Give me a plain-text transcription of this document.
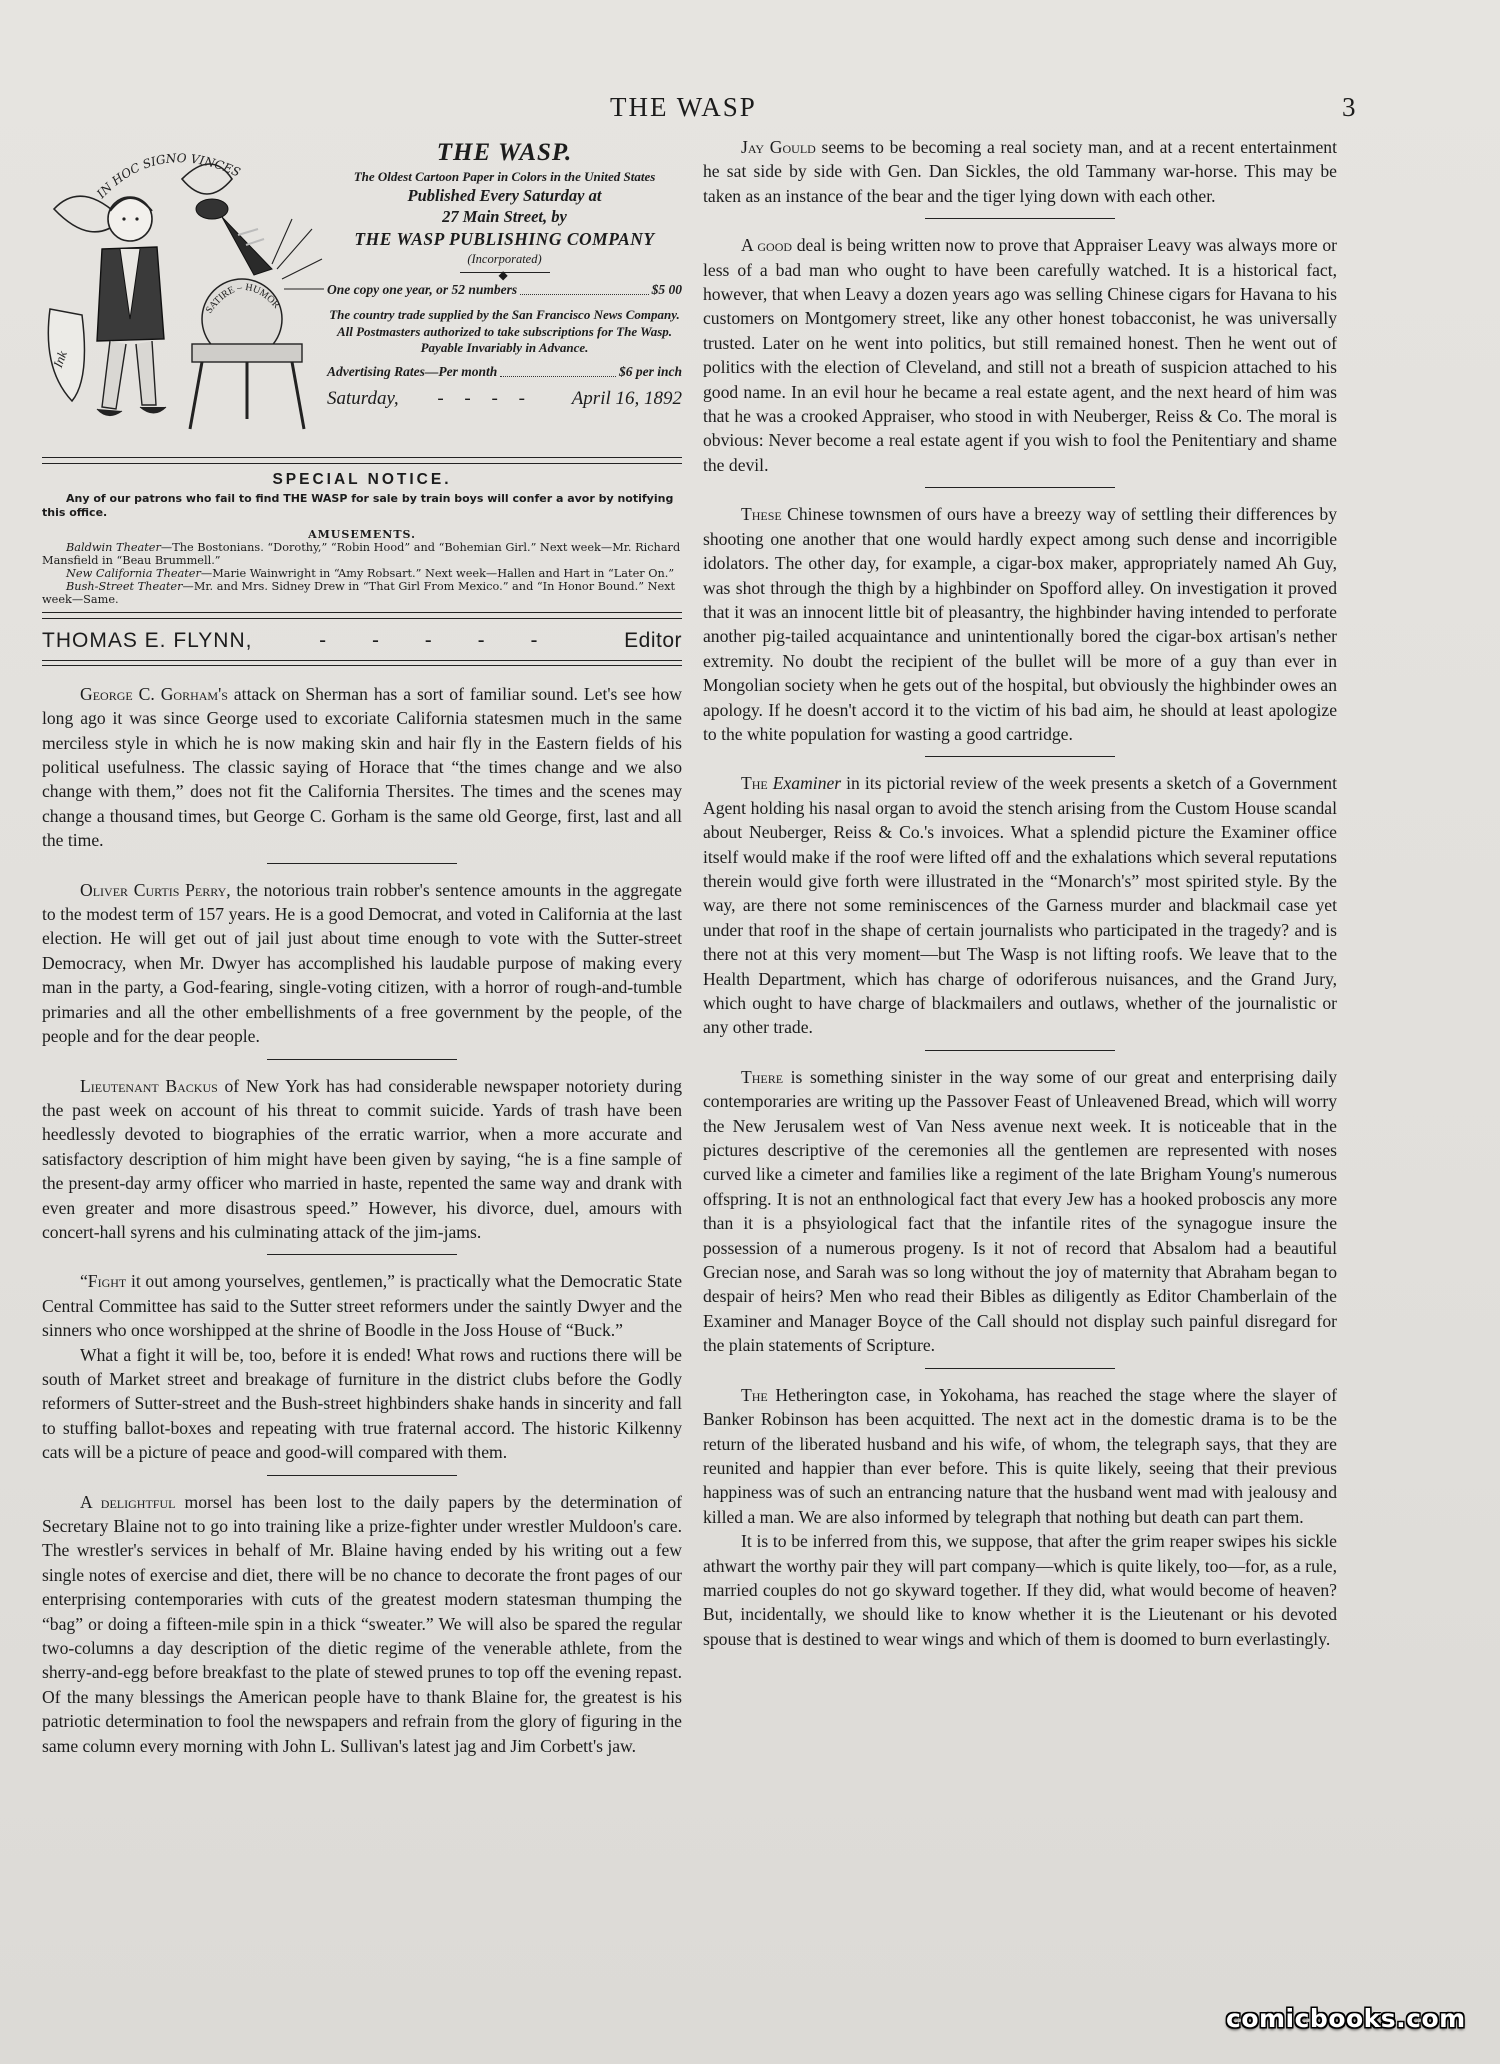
THE WASP	3
IN HOC SIGNO VINCES
Ink
SATIRE – HUMOR
THE WASP.
The Oldest Cartoon Paper in Colors in the United States
Published Every Saturday at
27 Main Street, by
THE WASP PUBLISHING COMPANY
(Incorporated)
◆
One copy one year, or 52 numbers	$5 00
The country trade supplied by the San Francisco News Company. All Postmasters authorized to take subscriptions for The Wasp. Payable Invariably in Advance.
Advertising Rates—Per month	$6 per inch
Saturday,	- - - -	April 16, 1892
SPECIAL NOTICE.
Any of our patrons who fail to find THE WASP for sale by train boys will confer a avor by notifying this office.
AMUSEMENTS.

Baldwin Theater—The Bostonians. “Dorothy,” “Robin Hood” and “Bohemian Girl.” Next week—Mr. Richard Mansfield in “Beau Brummell.”

New California Theater—Marie Wainwright in “Amy Robsart.” Next week—Hallen and Hart in “Later On.”

Bush-Street Theater—Mr. and Mrs. Sidney Drew in “That Girl From Mexico.” and “In Honor Bound.” Next week—Same.

THOMAS E. FLYNN,	- - - - -	Editor

George C. Gorham's attack on Sherman has a sort of familiar sound. Let's see how long ago it was since George used to excoriate California statesmen much in the same merciless style in which he is now making skin and hair fly in the Eastern fields of his political usefulness. The classic saying of Horace that “the times change and we also change with them,” does not fit the California Thersites. The times and the scenes may change a thousand times, but George C. Gorham is the same old George, first, last and all the time.

Oliver Curtis Perry, the notorious train robber's sentence amounts in the aggregate to the modest term of 157 years. He is a good Democrat, and voted in California at the last election. He will get out of jail just about time enough to vote with the Sutter-street Democracy, when Mr. Dwyer has accomplished his laudable purpose of making every man in the party, a God-fearing, single-voting citizen, with a horror of rough-and-tumble primaries and all the other embellishments of a free government by the people, of the people and for the dear people.

Lieutenant Backus of New York has had considerable newspaper notoriety during the past week on account of his threat to commit suicide. Yards of trash have been heedlessly devoted to biographies of the erratic warrior, when a more accurate and satisfactory description of him might have been given by saying, “he is a fine sample of the present-day army officer who married in haste, repented the same way and drank with even greater and more disastrous speed.” However, his divorce, duel, amours with concert-hall syrens and his culminating attack of the jim-jams.

“Fight it out among yourselves, gentlemen,” is practically what the Democratic State Central Committee has said to the Sutter street reformers under the saintly Dwyer and the sinners who once worshipped at the shrine of Boodle in the Joss House of “Buck.”

What a fight it will be, too, before it is ended! What rows and ructions there will be south of Market street and breakage of furniture in the district clubs before the Godly reformers of Sutter-street and the Bush-street highbinders shake hands in sincerity and fall to stuffing ballot-boxes and repeating with true fraternal accord. The historic Kilkenny cats will be a picture of peace and good-will compared with them.

A delightful morsel has been lost to the daily papers by the determination of Secretary Blaine not to go into training like a prize-fighter under wrestler Muldoon's care. The wrestler's services in behalf of Mr. Blaine having ended by his writing out a few single notes of exercise and diet, there will be no chance to decorate the front pages of our enterprising contemporaries with cuts of the greatest modern statesman thumping the “bag” or doing a fifteen-mile spin in a thick “sweater.” We will also be spared the regular two-columns a day description of the dietic regime of the venerable athlete, from the sherry-and-egg before breakfast to the plate of stewed prunes to top off the evening repast. Of the many blessings the American people have to thank Blaine for, the greatest is his patriotic determination to fool the newspapers and refrain from the glory of figuring in the same column every morning with John L. Sullivan's latest jag and Jim Corbett's jaw.

Jay Gould seems to be becoming a real society man, and at a recent entertainment he sat side by side with Gen. Dan Sickles, the old Tammany war-horse. This may be taken as an instance of the bear and the tiger lying down with each other.

A good deal is being written now to prove that Appraiser Leavy was always more or less of a bad man who ought to have been carefully watched. It is a historical fact, however, that when Leavy a dozen years ago was selling Chinese cigars for Havana to his customers on Montgomery street, like any other honest tobacconist, he was universally trusted. Later on he went into politics, but still remained honest. Then he went out of politics with the election of Cleveland, and still not a breath of suspicion attached to his good name. In an evil hour he became a real estate agent, and the next heard of him was that he was a crooked Appraiser, who stood in with Neuberger, Reiss & Co. The moral is obvious: Never become a real estate agent if you wish to fool the Penitentiary and shame the devil.

These Chinese townsmen of ours have a breezy way of settling their differences by shooting one another that one would hardly expect among such dense and incorrigible idolators. The other day, for example, a cigar-box maker, appropriately named Ah Guy, was shot through the thigh by a highbinder on Spofford alley. On investigation it proved that it was an innocent little bit of pleasantry, the highbinder having intended to perforate another pig-tailed acquaintance and unintentionally bored the cigar-box artisan's nether extremity. No doubt the recipient of the bullet will be more of a guy than ever in Mongolian society when he gets out of the hospital, but obviously the highbinder owes an apology. If he doesn't accord it to the victim of his bad aim, he should at least apologize to the white population for wasting a good cartridge.

The Examiner in its pictorial review of the week presents a sketch of a Government Agent holding his nasal organ to avoid the stench arising from the Custom House scandal about Neuberger, Reiss & Co.'s invoices. What a splendid picture the Examiner office itself would make if the roof were lifted off and the exhalations which several reputations therein would give forth were illustrated in the “Monarch's” most spirited style. By the way, are there not some reminiscences of the Garness murder and blackmail case yet under that roof in the shape of certain journalists who participated in the tragedy? and is there not at this very moment—but The Wasp is not lifting roofs. We leave that to the Health Department, which has charge of odoriferous nuisances, and the Grand Jury, which ought to have charge of blackmailers and outlaws, whether of the journalistic or any other trade.

There is something sinister in the way some of our great and enterprising daily contemporaries are writing up the Passover Feast of Unleavened Bread, which will worry the New Jerusalem west of Van Ness avenue next week. It is noticeable that in the pictures descriptive of the ceremonies all the gentlemen are represented with noses curved like a cimeter and families like a regiment of the late Brigham Young's numerous offspring. It is not an enthnological fact that every Jew has a hooked proboscis any more than it is a phsyiological fact that the infantile rites of the synagogue insure the possession of a numerous progeny. Is it not of record that Absalom had a beautiful Grecian nose, and Sarah was so long without the joy of maternity that Abraham began to despair of heirs? Men who read their Bibles as diligently as Editor Chamberlain of the Examiner and Manager Boyce of the Call should not display such painful disregard for the plain statements of Scripture.

The Hetherington case, in Yokohama, has reached the stage where the slayer of Banker Robinson has been acquitted. The next act in the domestic drama is to be the return of the liberated husband and his wife, of whom, the telegraph says, that they are reunited and happier than ever before. This is quite likely, seeing that their previous happiness was of such an entrancing nature that the husband went mad with jealousy and killed a man. We are also informed by telegraph that nothing but death can part them.

It is to be inferred from this, we suppose, that after the grim reaper swipes his sickle athwart the worthy pair they will part company—which is quite likely, too—for, as a rule, married couples do not go skyward together. If they did, what would become of heaven? But, incidentally, we should like to know whether it is the Lieutenant or his devoted spouse that is destined to wear wings and which of them is doomed to burn everlastingly.

comicbooks.com
